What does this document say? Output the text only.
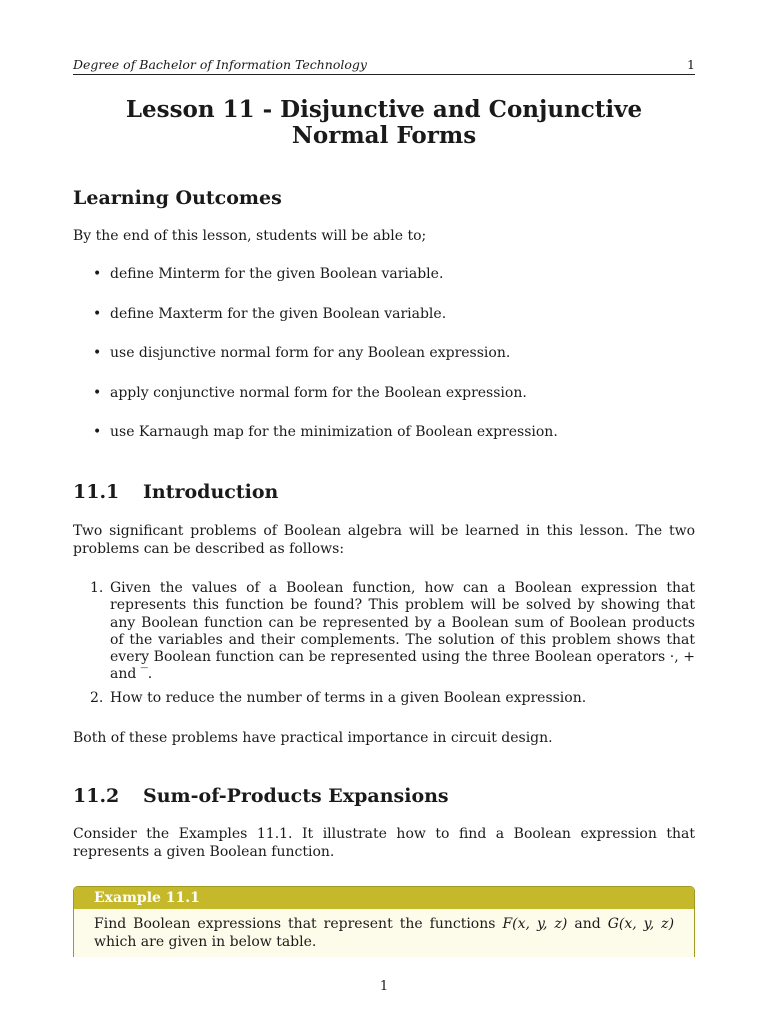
Degree of Bachelor of Information Technology	1
Lesson 11 - Disjunctive and Conjunctive
Normal Forms
Learning Outcomes

By the end of this lesson, students will be able to;

• define Minterm for the given Boolean variable.
• define Maxterm for the given Boolean variable.
• use disjunctive normal form for any Boolean expression.
• apply conjunctive normal form for the Boolean expression.
• use Karnaugh map for the minimization of Boolean expression.
11.1 Introduction

Two significant problems of Boolean algebra will be learned in this lesson. The two problems can be described as follows:

1. Given the values of a Boolean function, how can a Boolean expression that represents this function be found? This problem will be solved by showing that any Boolean function can be represented by a Boolean sum of Boolean products of the variables and their complements. The solution of this problem shows that every Boolean function can be represented using the three Boolean operators ·, + and ‾.
2. How to reduce the number of terms in a given Boolean expression.

Both of these problems have practical importance in circuit design.

11.2 Sum-of-Products Expansions

Consider the Examples 11.1. It illustrate how to find a Boolean expression that represents a given Boolean function.

Example 11.1
Find Boolean expressions that represent the functions F(x, y, z) and G(x, y, z) which are given in below table.
1
